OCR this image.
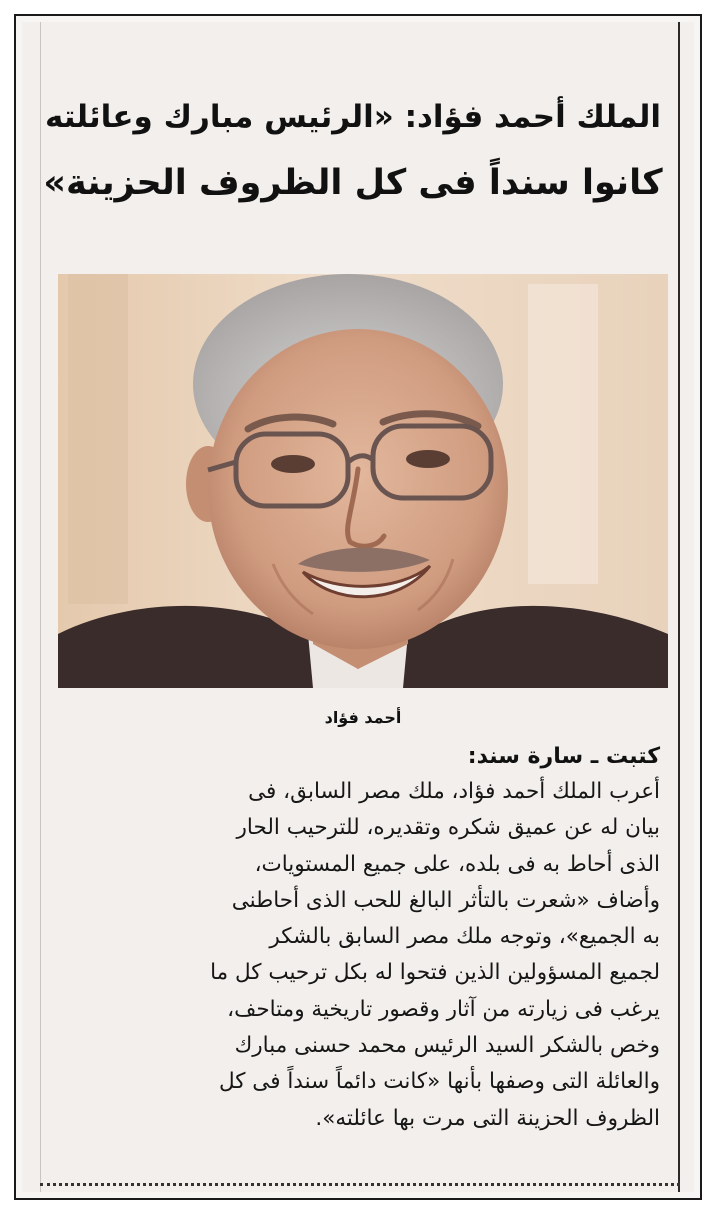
الملك أحمد فؤاد: «الرئيس مبارك وعائلته
كانوا سنداً فى كل الظروف الحزينة»
أحمد فؤاد
كتبت ـ سارة سند:
أعرب الملك أحمد فؤاد، ملك مصر السابق، فى
بيان له عن عميق شكره وتقديره، للترحيب الحار
الذى أحاط به فى بلده، على جميع المستويات،
وأضاف «شعرت بالتأثر البالغ للحب الذى أحاطنى
به الجميع»، وتوجه ملك مصر السابق بالشكر
لجميع المسؤولين الذين فتحوا له بكل ترحيب كل ما
يرغب فى زيارته من آثار وقصور تاريخية ومتاحف،
وخص بالشكر السيد الرئيس محمد حسنى مبارك
والعائلة التى وصفها بأنها «كانت دائماً سنداً فى كل
الظروف الحزينة التى مرت بها عائلته».
